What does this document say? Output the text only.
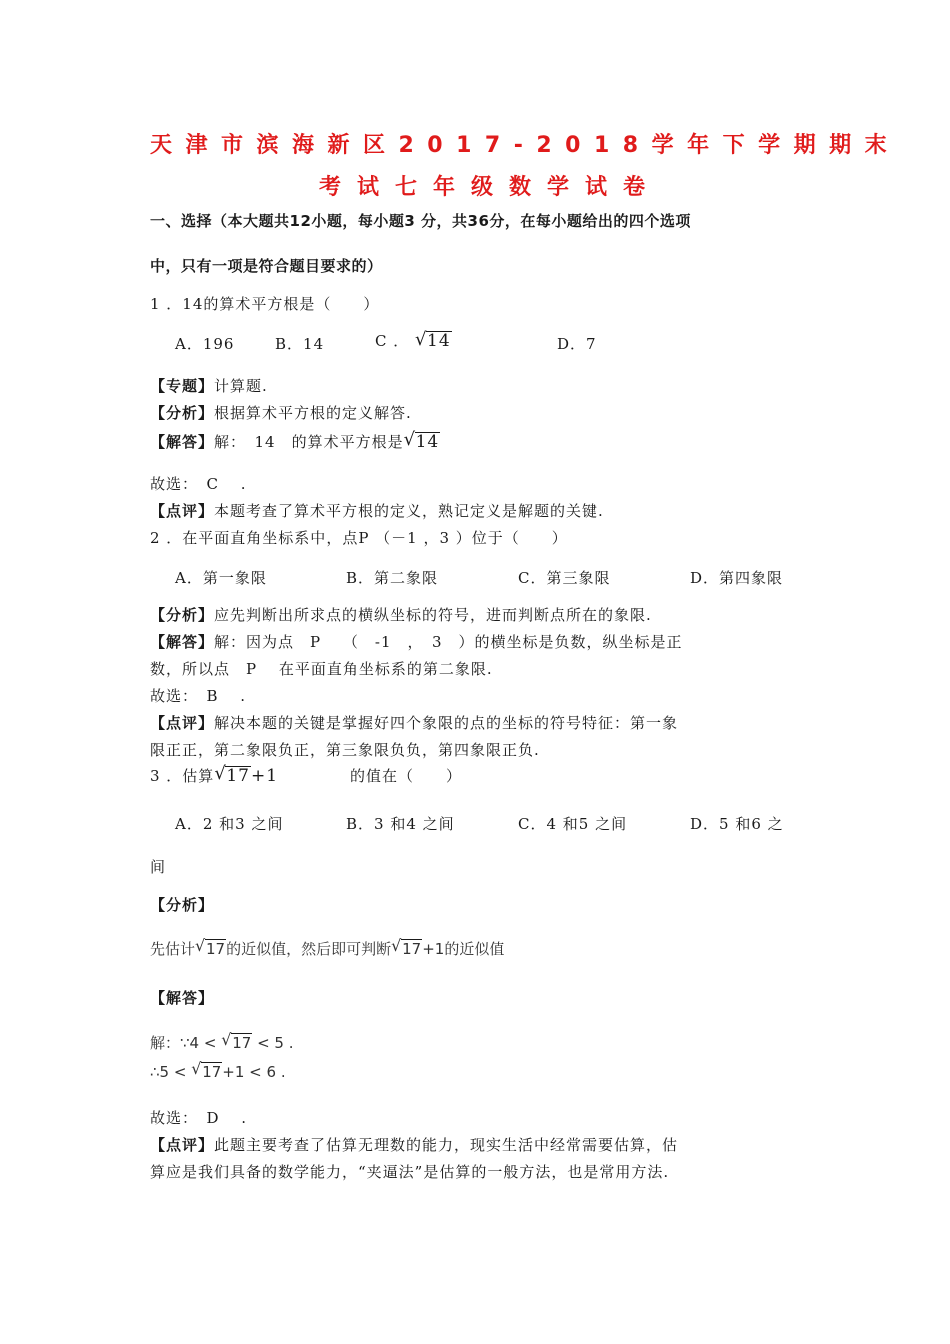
天津市滨海新区2017-2018学年下学期期末
考试七年级数学试卷
一、选择（本大题共12小题，每小题3 分，共36分，在每小题给出的四个选项
中，只有一项是符合题目要求的）
1 ．14的算术平方根是（　　）
A．196	B．14	C ． √ 14	D．7
【专题】计算题.
【分析】根据算术平方根的定义解答.
【解答】解：　14　的算术平方根是 √ 14
故选：　C　 .
【点评】本题考查了算术平方根的定义，熟记定义是解题的关键.
2 ．在平面直角坐标系中，点P （－1 ，3 ）位于（　　）
A．第一象限	B．第二象限	C．第三象限	D．第四象限
【分析】应先判断出所求点的横纵坐标的符号，进而判断点所在的象限.
【解答】解：因为点　P　 （　-1　，　3　）的横坐标是负数，纵坐标是正
数，所以点　P　 在平面直角坐标系的第二象限.
故选：　B　 .
【点评】解决本题的关键是掌握好四个象限的点的坐标的符号特征：第一象
限正正，第二象限负正，第三象限负负，第四象限正负.
3 ．估算 √ 17+1	的值在（　　）
A．2 和3 之间	B．3 和4 之间	C．4 和5 之间	D．5 和6 之
间
【分析】
先估计 √ 17的近似值，然后即可判断 √ 17+1的近似值
【解答】
解：∵4 < √ 17 < 5 .
∴5 < √ 17+1 < 6 .
故选：　D　 .
【点评】此题主要考查了估算无理数的能力，现实生活中经常需要估算，估
算应是我们具备的数学能力，“夹逼法”是估算的一般方法，也是常用方法.
